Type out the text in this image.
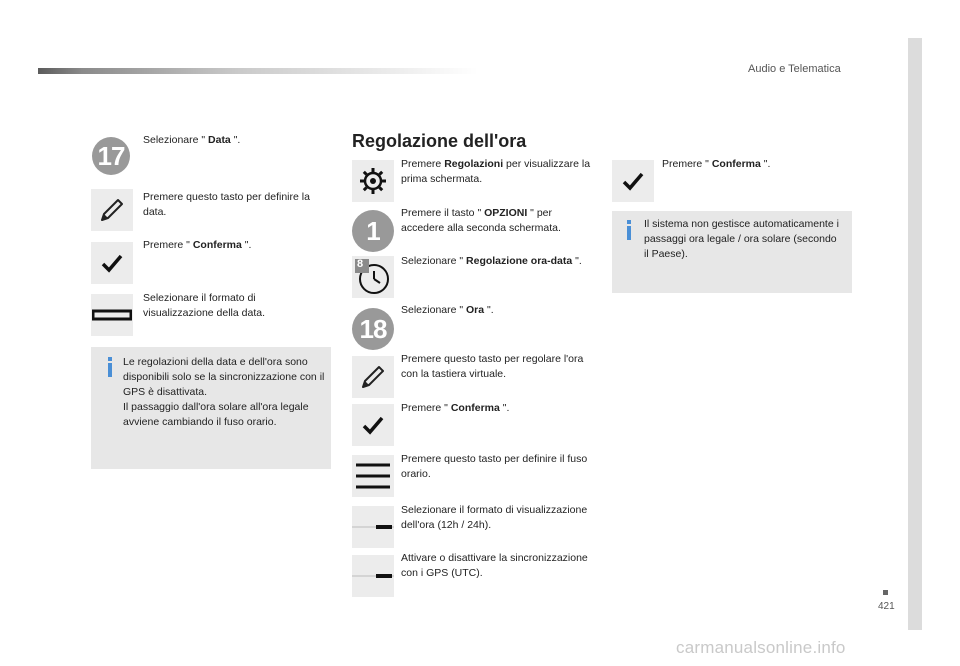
Audio e Telematica
421
17
Selezionare " Data ".
Premere questo tasto per definire la data.
Premere " Conferma ".
Selezionare il formato di visualizzazione della data.
Le regolazioni della data e dell'ora sono disponibili solo se la sincronizzazione con il GPS è disattivata.
Il passaggio dall'ora solare all'ora legale avviene cambiando il fuso orario.
Regolazione dell'ora
Premere Regolazioni per visualizzare la prima schermata.
1
Premere il tasto " OPZIONI " per accedere alla seconda schermata.
8	Selezionare " Regolazione ora-data ".
18
Selezionare " Ora ".
Premere questo tasto per regolare l'ora con la tastiera virtuale.
Premere " Conferma ".
Premere questo tasto per definire il fuso orario.
Selezionare il formato di visualizzazione dell'ora (12h / 24h).
Attivare o disattivare la sincronizzazione con i GPS (UTC).
Premere " Conferma ".
Il sistema non gestisce automaticamente i passaggi ora legale / ora solare (secondo il Paese).
carmanualsonline.info
